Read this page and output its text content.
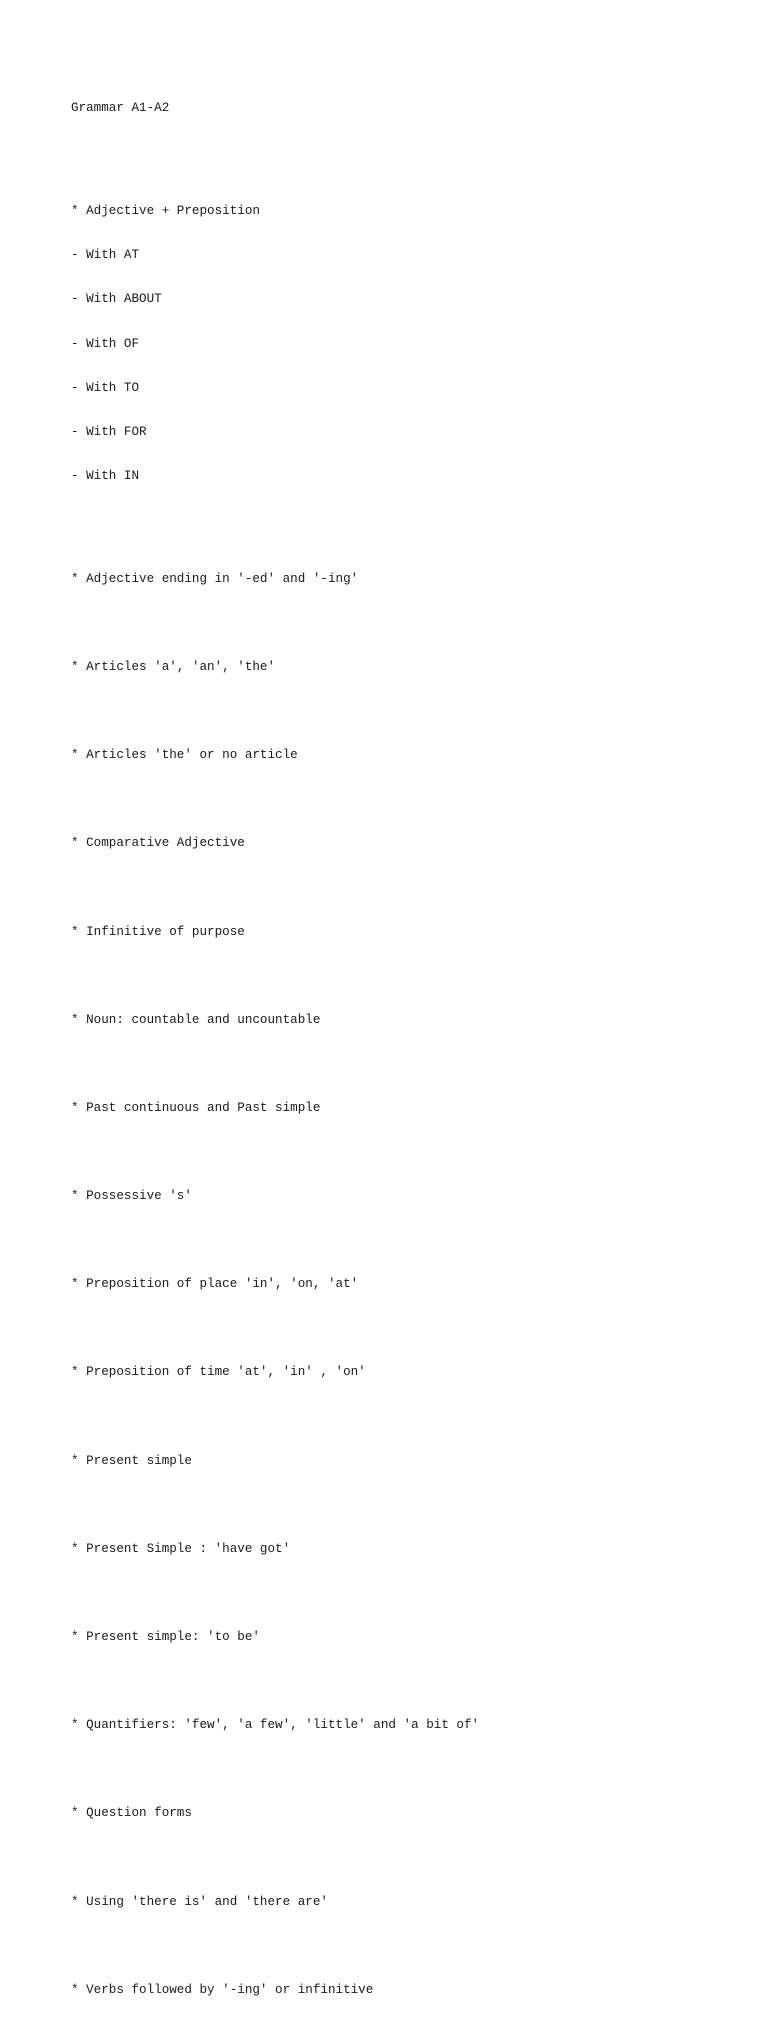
Grammar A1-A2

* Adjective + Preposition

- With AT

- With ABOUT

- With OF

- With TO

- With FOR

- With IN

* Adjective ending in '-ed' and '-ing'

* Articles 'a', 'an', 'the'

* Articles 'the' or no article

* Comparative Adjective

* Infinitive of purpose

* Noun: countable and uncountable

* Past continuous and Past simple

* Possessive 's'

* Preposition of place 'in', 'on, 'at'

* Preposition of time 'at', 'in' , 'on'

* Present simple

* Present Simple : 'have got'

* Present simple: 'to be'

* Quantifiers: 'few', 'a few', 'little' and 'a bit of'

* Question forms

* Using 'there is' and 'there are'

* Verbs followed by '-ing' or infinitive
